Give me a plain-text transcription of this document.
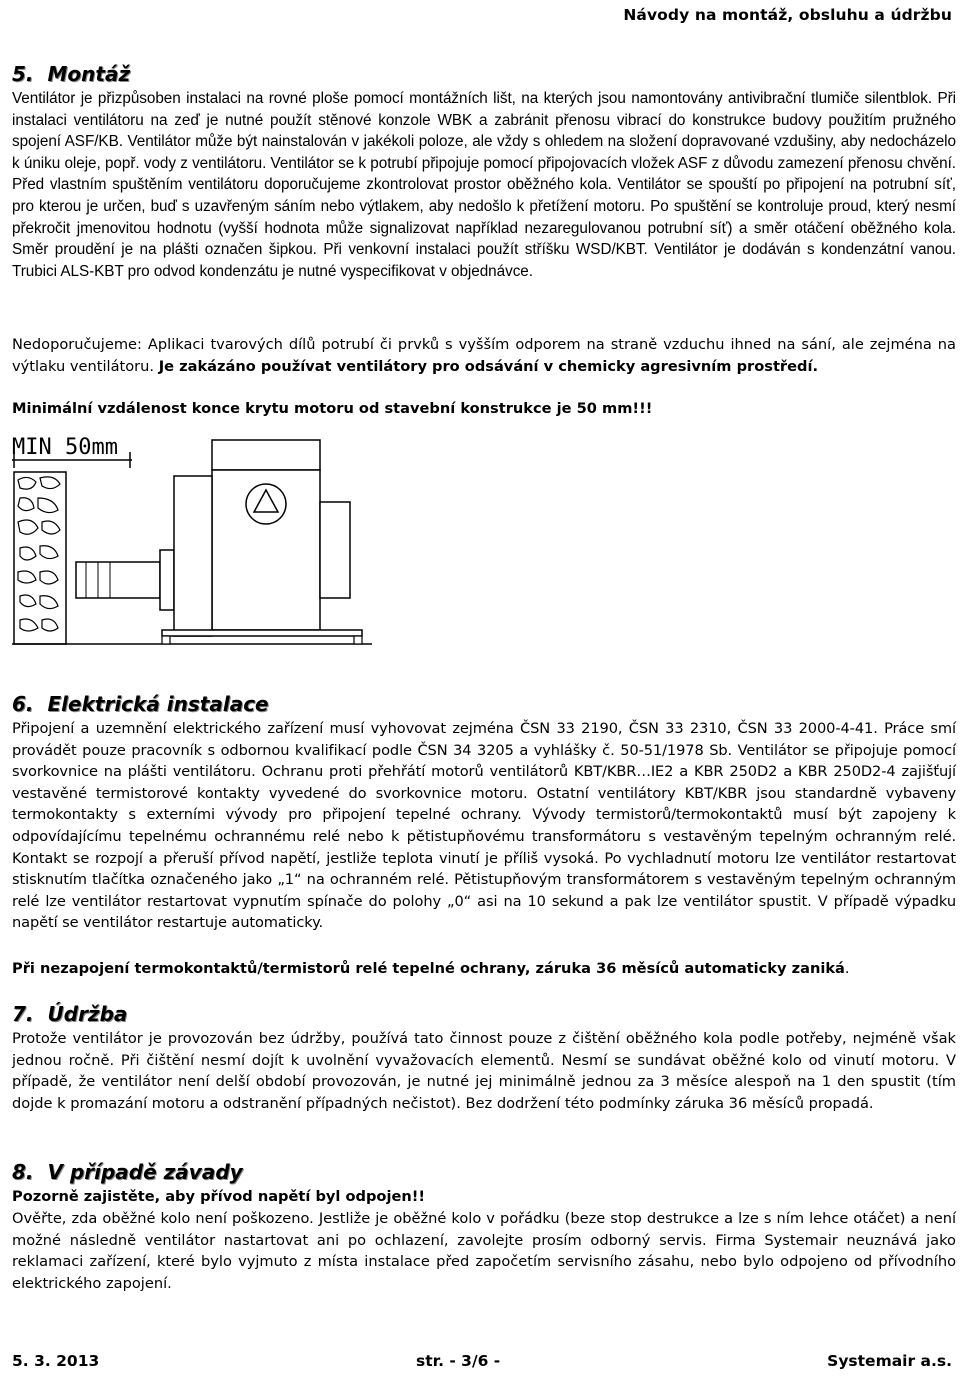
Návody na montáž, obsluhu a údržbu
5. Montáž
Ventilátor je přizpůsoben instalaci na rovné ploše pomocí montážních lišt, na kterých jsou namontovány antivibrační tlumiče silentblok. Při instalaci ventilátoru na zeď je nutné použít stěnové konzole WBK a zabránit přenosu vibrací do konstrukce budovy použitím pružného spojení ASF/KB. Ventilátor může být nainstalován v jakékoli poloze, ale vždy s ohledem na složení dopravované vzdušiny, aby nedocházelo k úniku oleje, popř. vody z ventilátoru. Ventilátor se k potrubí připojuje pomocí připojovacích vložek ASF z důvodu zamezení přenosu chvění. Před vlastním spuštěním ventilátoru doporučujeme zkontrolovat prostor oběžného kola. Ventilátor se spouští po připojení na potrubní síť, pro kterou je určen, buď s uzavřeným sáním nebo výtlakem, aby nedošlo k přetížení motoru. Po spuštění se kontroluje proud, který nesmí překročit jmenovitou hodnotu (vyšší hodnota může signalizovat například nezaregulovanou potrubní síť) a směr otáčení oběžného kola. Směr proudění je na plášti označen šipkou. Při venkovní instalaci použít stříšku WSD/KBT. Ventilátor je dodáván s kondenzátní vanou. Trubici ALS-KBT pro odvod kondenzátu je nutné vyspecifikovat v objednávce.
Nedoporučujeme: Aplikaci tvarových dílů potrubí či prvků s vyšším odporem na straně vzduchu ihned na sání, ale zejména na výtlaku ventilátoru. Je zakázáno používat ventilátory pro odsávání v chemicky agresivním prostředí.
Minimální vzdálenost konce krytu motoru od stavební konstrukce je 50 mm!!!
MIN 50mm
6. Elektrická instalace
Připojení a uzemnění elektrického zařízení musí vyhovovat zejména ČSN 33 2190, ČSN 33 2310, ČSN 33 2000-4-41. Práce smí provádět pouze pracovník s odbornou kvalifikací podle ČSN 34 3205 a vyhlášky č. 50-51/1978 Sb. Ventilátor se připojuje pomocí svorkovnice na plášti ventilátoru. Ochranu proti přehřátí motorů ventilátorů KBT/KBR…IE2 a KBR 250D2 a KBR 250D2-4 zajišťují vestavěné termistorové kontakty vyvedené do svorkovnice motoru. Ostatní ventilátory KBT/KBR jsou standardně vybaveny termokontakty s externími vývody pro připojení tepelné ochrany. Vývody termistorů/termokontaktů musí být zapojeny k odpovídajícímu tepelnému ochrannému relé nebo k pětistupňovému transformátoru s vestavěným tepelným ochranným relé. Kontakt se rozpojí a přeruší přívod napětí, jestliže teplota vinutí je příliš vysoká. Po vychladnutí motoru lze ventilátor restartovat stisknutím tlačítka označeného jako „1“ na ochranném relé. Pětistupňovým transformátorem s vestavěným tepelným ochranným relé lze ventilátor restartovat vypnutím spínače do polohy „0“ asi na 10 sekund a pak lze ventilátor spustit. V případě výpadku napětí se ventilátor restartuje automaticky.
Při nezapojení termokontaktů/termistorů relé tepelné ochrany, záruka 36 měsíců automaticky zaniká.
7. Údržba
Protože ventilátor je provozován bez údržby, používá tato činnost pouze z čištění oběžného kola podle potřeby, nejméně však jednou ročně. Při čištění nesmí dojít k uvolnění vyvažovacích elementů. Nesmí se sundávat oběžné kolo od vinutí motoru. V případě, že ventilátor není delší období provozován, je nutné jej minimálně jednou za 3 měsíce alespoň na 1 den spustit (tím dojde k promazání motoru a odstranění případných nečistot). Bez dodržení této podmínky záruka 36 měsíců propadá.
8. V případě závady
Pozorně zajistěte, aby přívod napětí byl odpojen!!
Ověřte, zda oběžné kolo není poškozeno. Jestliže je oběžné kolo v pořádku (beze stop destrukce a lze s ním lehce otáčet) a není možné následně ventilátor nastartovat ani po ochlazení, zavolejte prosím odborný servis. Firma Systemair neuznává jako reklamaci zařízení, které bylo vyjmuto z místa instalace před započetím servisního zásahu, nebo bylo odpojeno od přívodního elektrického zapojení.
5. 3. 2013	str. - 3/6 -	Systemair a.s.
